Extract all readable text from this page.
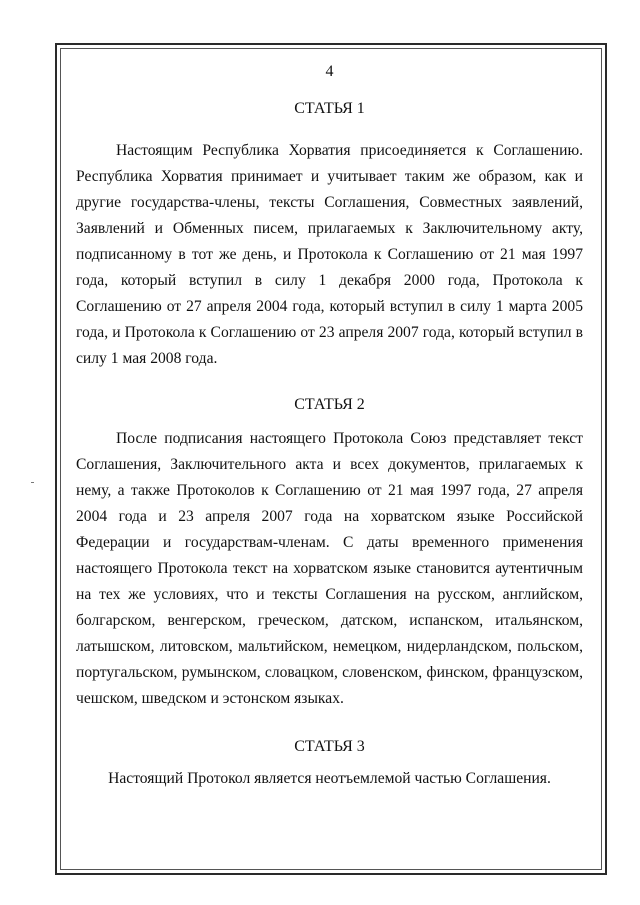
4
СТАТЬЯ 1

Настоящим Республика Хорватия присоединяется к Соглашению. Республика Хорватия принимает и учитывает таким же образом, как и другие государства-члены, тексты Соглашения, Совместных заявлений, Заявлений и Обменных писем, прилагаемых к Заключительному акту, подписанному в тот же день, и Протокола к Соглашению от 21 мая 1997 года, который вступил в силу 1 декабря 2000 года, Протокола к Соглашению от 27 апреля 2004 года, который вступил в силу 1 марта 2005 года, и Протокола к Соглашению от 23 апреля 2007 года, который вступил в силу 1 мая 2008 года.

СТАТЬЯ 2

После подписания настоящего Протокола Союз представляет текст Соглашения, Заключительного акта и всех документов, прилагаемых к нему, а также Протоколов к Соглашению от 21 мая 1997 года, 27 апреля 2004 года и 23 апреля 2007 года на хорватском языке Российской Федерации и государствам-членам. С даты временного применения настоящего Протокола текст на хорватском языке становится аутентичным на тех же условиях, что и тексты Соглашения на русском, английском, болгарском, венгерском, греческом, датском, испанском, итальянском, латышском, литовском, мальтийском, немецком, нидерландском, польском, португальском, румынском, словацком, словенском, финском, французском, чешском, шведском и эстонском языках.

СТАТЬЯ 3

Настоящий Протокол является неотъемлемой частью Соглашения.
